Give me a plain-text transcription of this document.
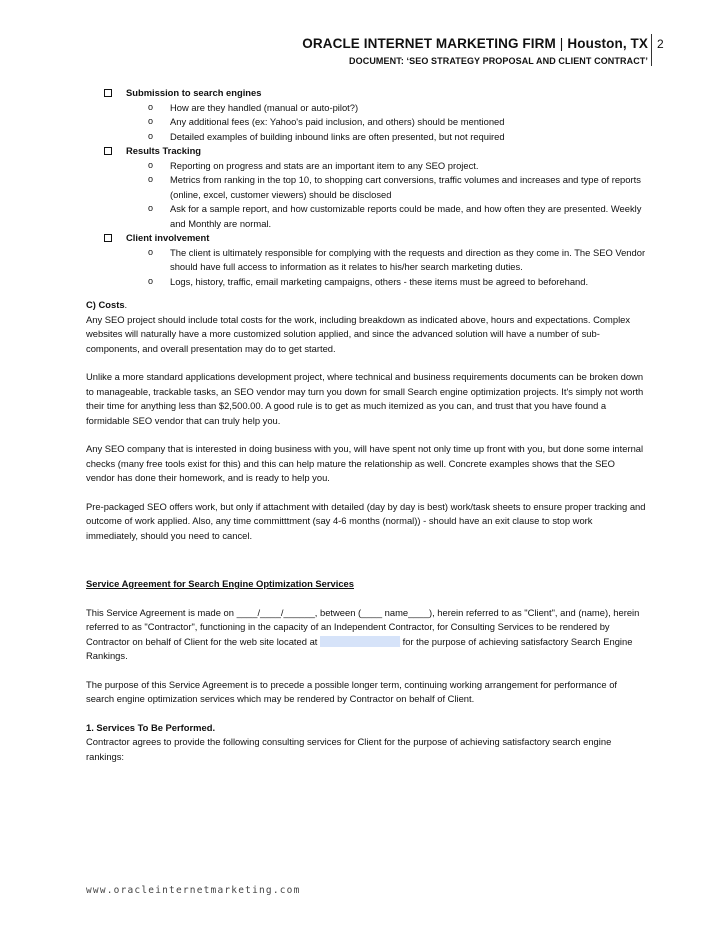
ORACLE INTERNET MARKETING FIRM | Houston, TX
DOCUMENT: ‘SEO STRATEGY PROPOSAL AND CLIENT CONTRACT’
2
Submission to search engines
o How are they handled (manual or auto-pilot?)
o Any additional fees (ex: Yahoo's paid inclusion, and others) should be mentioned
o Detailed examples of building inbound links are often presented, but not required
Results Tracking
o Reporting on progress and stats are an important item to any SEO project.
o Metrics from ranking in the top 10, to shopping cart conversions, traffic volumes and increases and type of reports (online, excel, customer viewers) should be disclosed
o Ask for a sample report, and how customizable reports could be made, and how often they are presented. Weekly and Monthly are normal.
Client involvement
o The client is ultimately responsible for complying with the requests and direction as they come in. The SEO Vendor should have full access to information as it relates to his/her search marketing duties.
o Logs, history, traffic, email marketing campaigns, others - these items must be agreed to beforehand.
C) Costs.

Any SEO project should include total costs for the work, including breakdown as indicated above, hours and expectations. Complex websites will naturally have a more customized solution applied, and since the advanced solution will have a number of sub-components, and overall presentation may do to get started.

Unlike a more standard applications development project, where technical and business requirements documents can be broken down to manageable, trackable tasks, an SEO vendor may turn you down for small Search engine optimization projects. It's simply not worth their time for anything less than $2,500.00. A good rule is to get as much itemized as you can, and trust that you have found a formidable SEO vendor that can truly help you.

Any SEO company that is interested in doing business with you, will have spent not only time up front with you, but done some internal checks (many free tools exist for this) and this can help mature the relationship as well. Concrete examples shows that the SEO vendor has done their homework, and is ready to help you.

Pre-packaged SEO offers work, but only if attachment with detailed (day by day is best) work/task sheets to ensure proper tracking and outcome of work applied. Also, any time committtment (say 4-6 months (normal)) - should have an exit clause to stop work immediately, should you need to cancel.

Service Agreement for Search Engine Optimization Services

This Service Agreement is made on ____/____/______, between (____ name____), herein referred to as "Client", and (name), herein referred to as "Contractor", functioning in the capacity of an Independent Contractor, for Consulting Services to be rendered by Contractor on behalf of Client for the web site located at	for the purpose of achieving satisfactory Search Engine Rankings.

The purpose of this Service Agreement is to precede a possible longer term, continuing working arrangement for performance of search engine optimization services which may be rendered by Contractor on behalf of Client.

1. Services To Be Performed.

Contractor agrees to provide the following consulting services for Client for the purpose of achieving satisfactory search engine rankings:

www.oracleinternetmarketing.com
